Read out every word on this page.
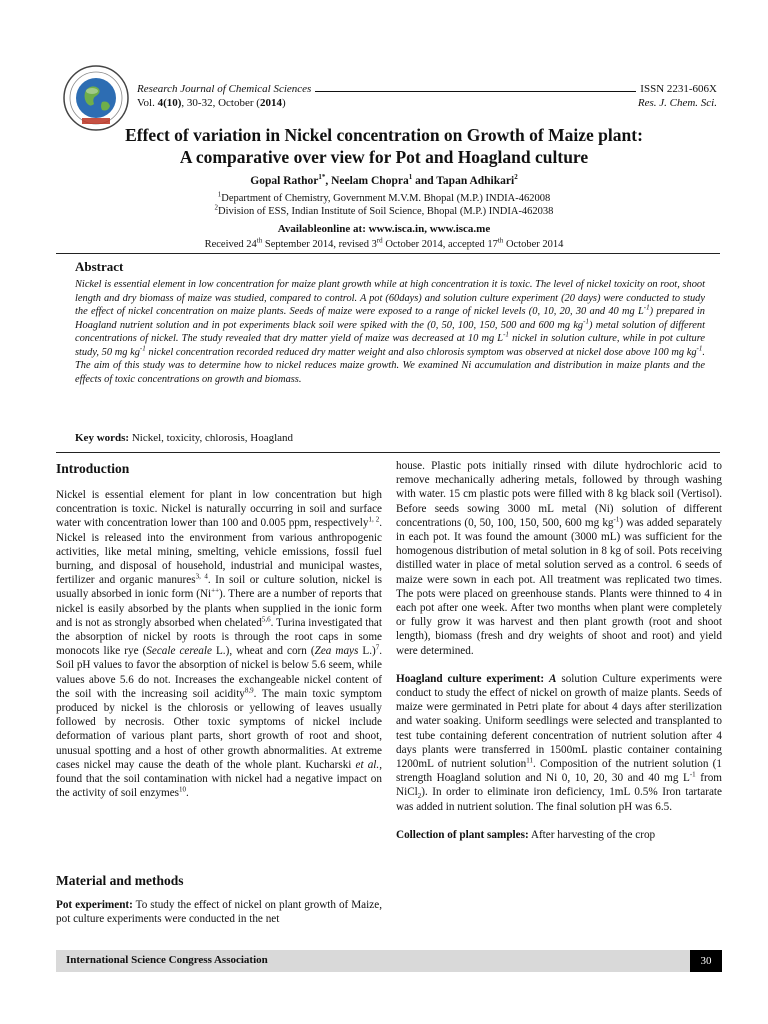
Research Journal of Chemical Sciences	ISSN 2231-606X
Vol. 4(10), 30-32, October (2014)	Res. J. Chem. Sci.
Effect of variation in Nickel concentration on Growth of Maize plant:
A comparative over view for Pot and Hoagland culture
Gopal Rathor$^{1*}$, Neelam Chopra$^1$ and Tapan Adhikari$^2$
$^1$Department of Chemistry, Government M.V.M. Bhopal (M.P.) INDIA-462008
$^2$Division of ESS, Indian Institute of Soil Science, Bhopal (M.P.) INDIA-462038
Availableonline at: www.isca.in, www.isca.me
Received 24th September 2014, revised 3rd October 2014, accepted 17th October 2014
Abstract
Nickel is essential element in low concentration for maize plant growth while at high concentration it is toxic. The level of nickel toxicity on root, shoot length and dry biomass of maize was studied, compared to control. A pot (60days) and solution culture experiment (20 days) were conducted to study the effect of nickel concentration on maize plants. Seeds of maize were exposed to a range of nickel levels (0, 10, 20, 30 and 40 mg $L^{-1}$) prepared in Hoagland nutrient solution and in pot experiments black soil were spiked with the (0, 50, 100, 150, 500 and 600 mg $kg^{-1}$) metal solution of different concentrations of nickel. The study revealed that dry matter yield of maize was decreased at 10 mg $L^{-1}$ nickel in solution culture, while in pot culture study, 50 mg $kg^{-1}$ nickel concentration recorded reduced dry matter weight and also chlorosis symptom was observed at nickel dose above 100 mg $kg^{-1}$. The aim of this study was to determine how to nickel reduces maize growth. We examined Ni accumulation and distribution in maize plants and the effects of toxic concentrations on growth and biomass.
Key words: Nickel, toxicity, chlorosis, Hoagland
Introduction

Nickel is essential element for plant in low concentration but high concentration is toxic. Nickel is naturally occurring in soil and surface water with concentration lower than 100 and 0.005 ppm, respectively$^{1, 2}$. Nickel is released into the environment from various anthropogenic activities, like metal mining, smelting, vehicle emissions, fossil fuel burning, and disposal of household, industrial and municipal wastes, fertilizer and organic manures$^{3, 4}$. In soil or culture solution, nickel is usually absorbed in ionic form (Ni++). There are a number of reports that nickel is easily absorbed by the plants when supplied in the ionic form and is not as strongly absorbed when chelated$^{5,6}$. Turina investigated that the absorption of nickel by roots is through the root caps in some monocots like rye (Secale cereale L.), wheat and corn (Zea mays L.)$^7$. Soil pH values to favor the absorption of nickel is below 5.6 seem, while values above 5.6 do not. Increases the exchangeable nickel content of the soil with the increasing soil acidity$^{8,9}$. The main toxic symptom produced by nickel is the chlorosis or yellowing of leaves usually followed by necrosis. Other toxic symptoms of nickel include deformation of various plant parts, short growth of root and shoot, unusual spotting and a host of other growth abnormalities. At extreme cases nickel may cause the death of the whole plant. Kucharski et al., found that the soil contamination with nickel had a negative impact on the activity of soil enzymes$^{10}$.

Material and methods

Pot experiment: To study the effect of nickel on plant growth of Maize, pot culture experiments were conducted in the net

house. Plastic pots initially rinsed with dilute hydrochloric acid to remove mechanically adhering metals, followed by through washing with water. 15 cm plastic pots were filled with 8 kg black soil (Vertisol). Before seeds sowing 3000 mL metal (Ni) solution of different concentrations (0, 50, 100, 150, 500, 600 mg $kg^{-1}$) was added separately in each pot. It was found the amount (3000 mL) was sufficient for the homogenous distribution of metal solution in 8 kg of soil. Pots receiving distilled water in place of metal solution served as a control. 6 seeds of maize were sown in each pot. All treatment was replicated two times. The pots were placed on greenhouse stands. Plants were thinned to 4 in each pot after one week. After two months when plant were completely or fully grow it was harvest and then plant growth (root and shoot length), biomass (fresh and dry weights of shoot and root) and yield were determined.

Hoagland culture experiment: A solution Culture experiments were conduct to study the effect of nickel on growth of maize plants. Seeds of maize were germinated in Petri plate for about 4 days after sterilization and water soaking. Uniform seedlings were selected and transplanted to test tube containing deferent concentration of nutrient solution after 4 days plants were transferred in 1500mL plastic container containing 1200mL of nutrient solution$^{11}$. Composition of the nutrient solution (1 strength Hoagland solution and Ni 0, 10, 20, 30 and 40 mg $L^{-1}$ from NiCl$_2$). In order to eliminate iron deficiency, 1mL 0.5% Iron tartarate was added in nutrient solution. The final solution pH was 6.5.

Collection of plant samples: After harvesting of the crop

International Science Congress Association	30
